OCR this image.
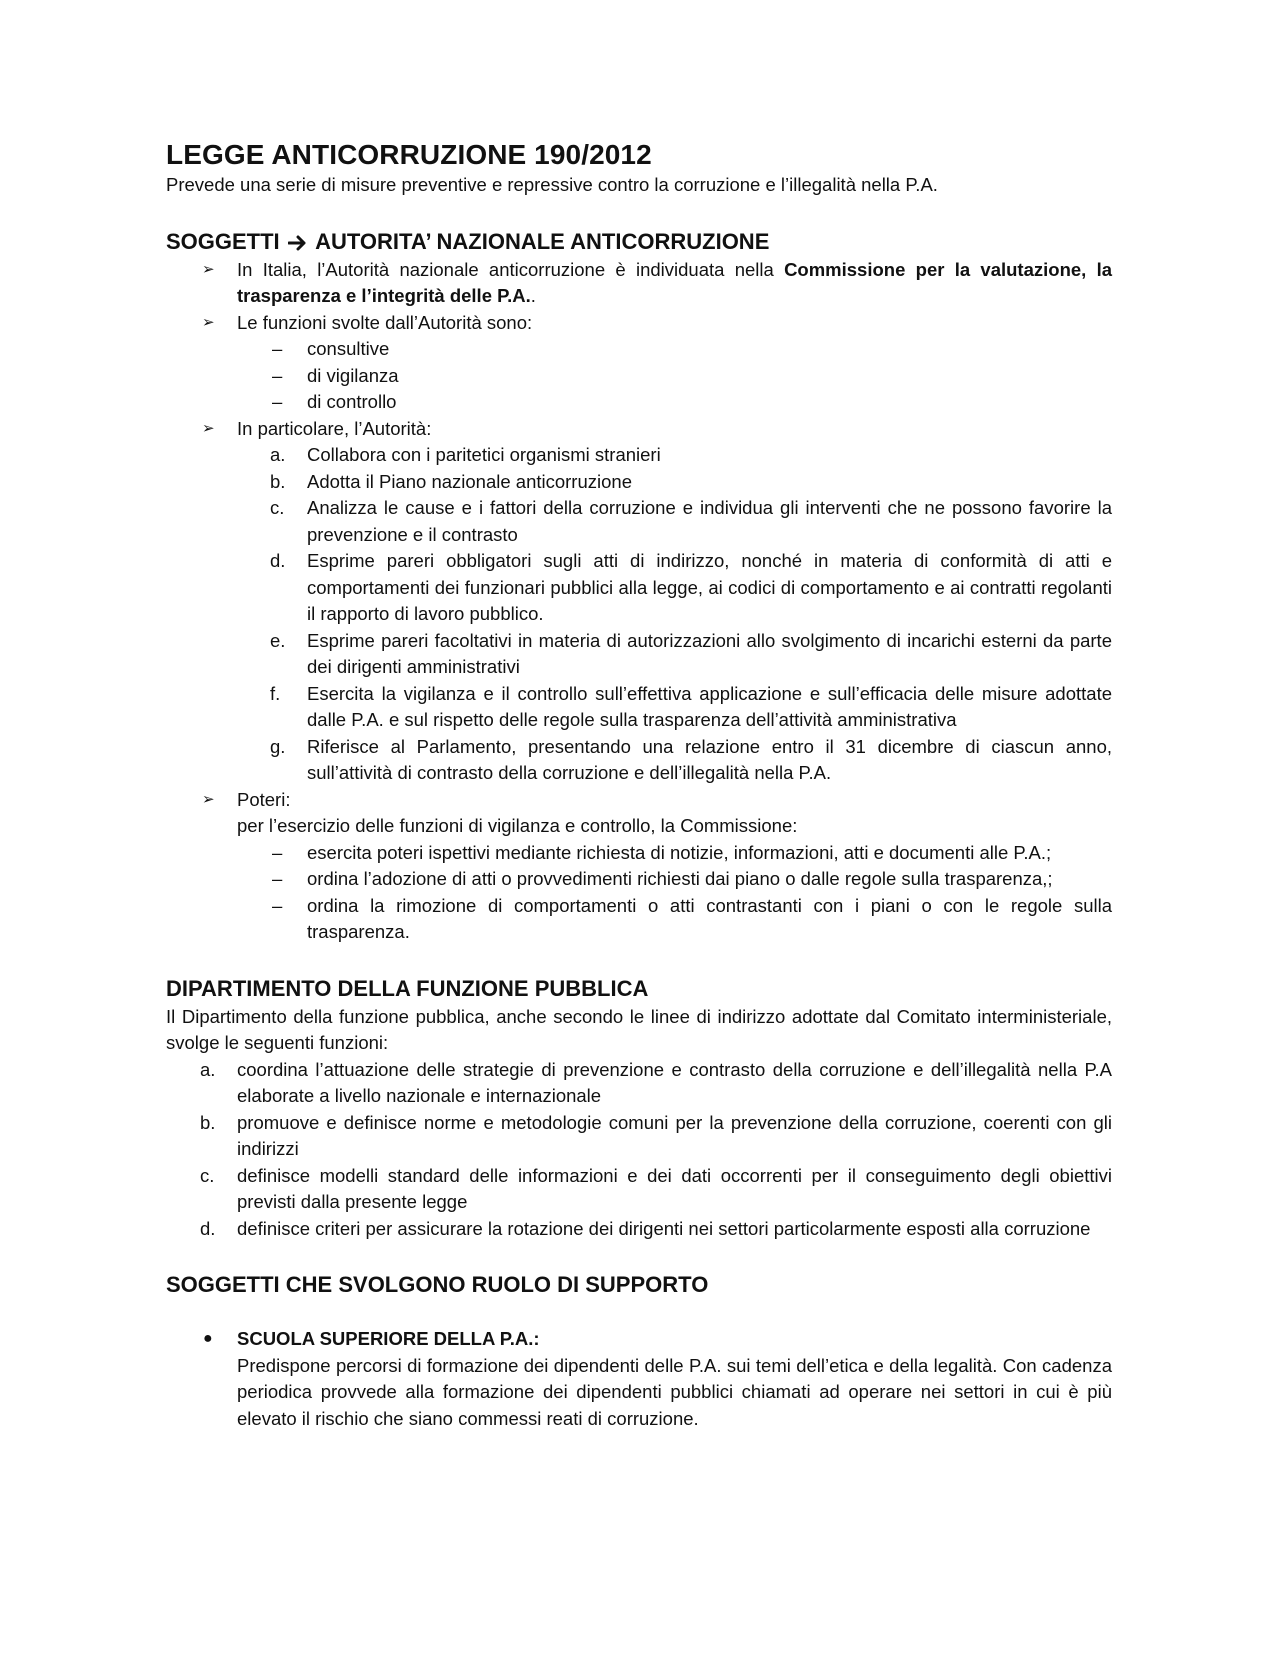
LEGGE ANTICORRUZIONE 190/2012

Prevede una serie di misure preventive e repressive contro la corruzione e l’illegalità nella P.A.

SOGGETTI AUTORITA’ NAZIONALE ANTICORRUZIONE
➢	In Italia, l’Autorità nazionale anticorruzione è individuata nella Commissione per la valutazione, la trasparenza e l’integrità delle P.A..
➢	Le funzioni svolte dall’Autorità sono:
–	consultive
–	di vigilanza
–	di controllo
➢	In particolare, l’Autorità:
a.	Collabora con i paritetici organismi stranieri
b.	Adotta il Piano nazionale anticorruzione
c.	Analizza le cause e i fattori della corruzione e individua gli interventi che ne possono favorire la prevenzione e il contrasto
d.	Esprime pareri obbligatori sugli atti di indirizzo, nonché in materia di conformità di atti e comportamenti dei funzionari pubblici alla legge, ai codici di comportamento e ai contratti regolanti il rapporto di lavoro pubblico.
e.	Esprime pareri facoltativi in materia di autorizzazioni allo svolgimento di incarichi esterni da parte dei dirigenti amministrativi
f.	Esercita la vigilanza e il controllo sull’effettiva applicazione e sull’efficacia delle misure adottate dalle P.A. e sul rispetto delle regole sulla trasparenza dell’attività amministrativa
g.	Riferisce al Parlamento, presentando una relazione entro il 31 dicembre di ciascun anno, sull’attività di contrasto della corruzione e dell’illegalità nella P.A.
➢	Poteri:

per l’esercizio delle funzioni di vigilanza e controllo, la Commissione:

–	esercita poteri ispettivi mediante richiesta di notizie, informazioni, atti e documenti alle P.A.;
–	ordina l’adozione di atti o provvedimenti richiesti dai piano o dalle regole sulla trasparenza,;
–	ordina la rimozione di comportamenti o atti contrastanti con i piani o con le regole sulla trasparenza.
DIPARTIMENTO DELLA FUNZIONE PUBBLICA

Il Dipartimento della funzione pubblica, anche secondo le linee di indirizzo adottate dal Comitato interministeriale, svolge le seguenti funzioni:

a.	coordina l’attuazione delle strategie di prevenzione e contrasto della corruzione e dell’illegalità nella P.A elaborate a livello nazionale e internazionale
b.	promuove e definisce norme e metodologie comuni per la prevenzione della corruzione, coerenti con gli indirizzi
c.	definisce modelli standard delle informazioni e dei dati occorrenti per il conseguimento degli obiettivi previsti dalla presente legge
d.	definisce criteri per assicurare la rotazione dei dirigenti nei settori particolarmente esposti alla corruzione
SOGGETTI CHE SVOLGONO RUOLO DI SUPPORTO
●	SCUOLA SUPERIORE DELLA P.A.:

Predispone percorsi di formazione dei dipendenti delle P.A. sui temi dell’etica e della legalità. Con cadenza periodica provvede alla formazione dei dipendenti pubblici chiamati ad operare nei settori in cui è più elevato il rischio che siano commessi reati di corruzione.
